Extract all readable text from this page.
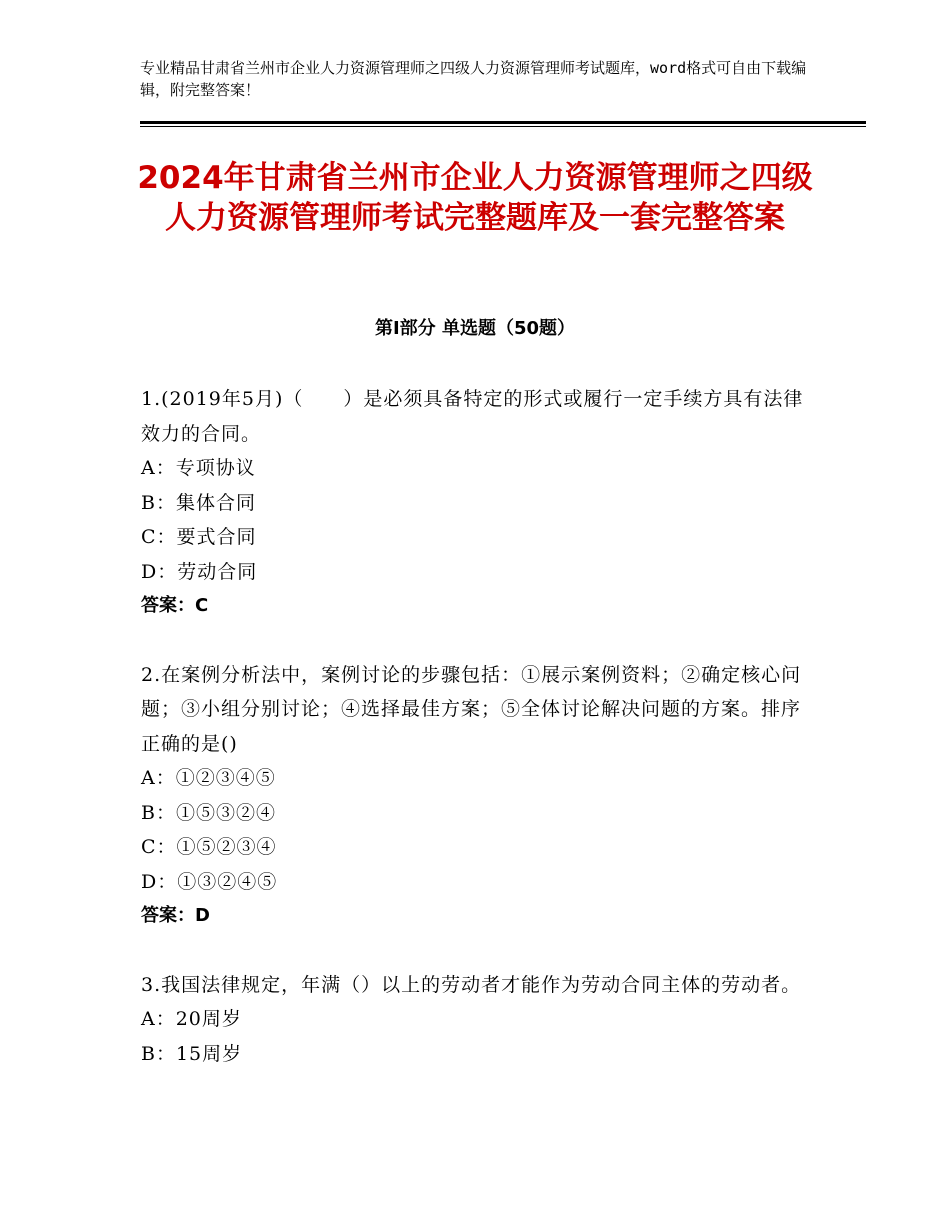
专业精品甘肃省兰州市企业人力资源管理师之四级人力资源管理师考试题库，word格式可自由下载编辑，附完整答案！
2024年甘肃省兰州市企业人力资源管理师之四级人力资源管理师考试完整题库及一套完整答案
第Ⅰ部分 单选题（50题）
1.(2019年5月)（　　）是必须具备特定的形式或履行一定手续方具有法律效力的合同。
A：专项协议
B：集体合同
C：要式合同
D：劳动合同
答案：C
2.在案例分析法中，案例讨论的步骤包括：①展示案例资料；②确定核心问题；③小组分别讨论；④选择最佳方案；⑤全体讨论解决问题的方案。排序正确的是()
A：①②③④⑤
B：①⑤③②④
C：①⑤②③④
D：①③②④⑤
答案：D
3.我国法律规定，年满（）以上的劳动者才能作为劳动合同主体的劳动者。
A：20周岁
B：15周岁
